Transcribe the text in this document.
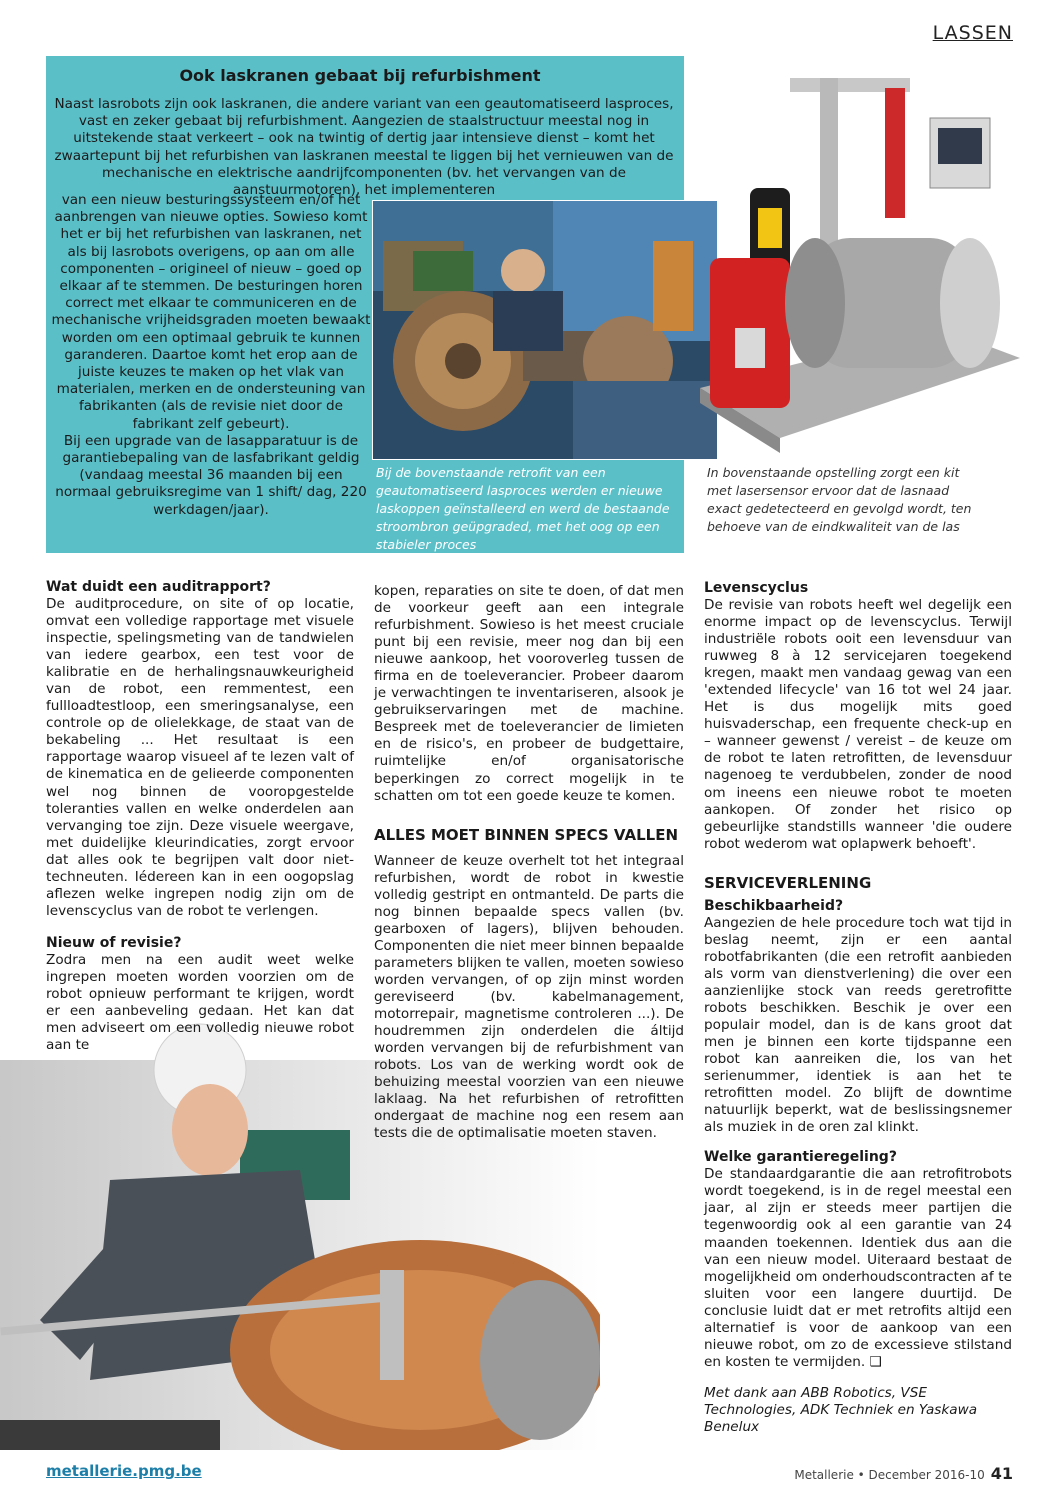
LASSEN
Ook laskranen gebaat bij refurbishment

Naast lasrobots zijn ook laskranen, die andere variant van een geautomatiseerd lasproces, vast en zeker gebaat bij refurbishment. Aangezien de staalstructuur meestal nog in uitstekende staat verkeert – ook na twintig of dertig jaar intensieve dienst – komt het zwaartepunt bij het refurbishen van laskranen meestal te liggen bij het vernieuwen van de mechanische en elektrische aandrijfcomponenten (bv. het vervangen van de aanstuurmotoren), het implementeren

van een nieuw besturingssysteem en/of het aanbrengen van nieuwe opties. Sowieso komt het er bij het refurbishen van laskranen, net als bij lasrobots overigens, op aan om alle componenten – origineel of nieuw – goed op elkaar af te stemmen. De besturingen horen correct met elkaar te communiceren en de mechanische vrijheidsgraden moeten bewaakt worden om een optimaal gebruik te kunnen garanderen. Daartoe komt het erop aan de juiste keuzes te maken op het vlak van materialen, merken en de ondersteuning van fabrikanten (als de revisie niet door de fabrikant zelf gebeurt).

Bij een upgrade van de lasapparatuur is de garantiebepaling van de lasfabrikant geldig (vandaag meestal 36 maanden bij een normaal gebruiksregime van 1 shift/ dag, 220 werkdagen/jaar).

Bij de bovenstaande retrofit van een geautomatiseerd lasproces werden er nieuwe laskoppen geïnstalleerd en werd de bestaande stroombron geüpgraded, met het oog op een stabieler proces

In bovenstaande opstelling zorgt een kit met lasersensor ervoor dat de lasnaad exact gedetecteerd en gevolgd wordt, ten behoeve van de eindkwaliteit van de las

Wat duidt een auditrapport?

De auditprocedure, on site of op locatie, omvat een volledige rapportage met visuele inspectie, spelingsmeting van de tandwielen van iedere gearbox, een test voor de kalibratie en de herhalingsnauwkeurigheid van de robot, een remmentest, een fullloadtestloop, een smeringsanalyse, een controle op de olielekkage, de staat van de bekabeling ... Het resultaat is een rapportage waarop visueel af te lezen valt of de kinematica en de gelieerde componenten wel nog binnen de vooropgestelde toleranties vallen en welke onderdelen aan vervanging toe zijn. Deze visuele weergave, met duidelijke kleurindicaties, zorgt ervoor dat alles ook te begrijpen valt door niet-techneuten. Iédereen kan in een oogopslag aflezen welke ingrepen nodig zijn om de levenscyclus van de robot te verlengen.

Nieuw of revisie?

Zodra men na een audit weet welke ingrepen moeten worden voorzien om de robot opnieuw performant te krijgen, wordt er een aanbeveling gedaan. Het kan dat men adviseert om een volledig nieuwe robot aan te

kopen, reparaties on site te doen, of dat men de voorkeur geeft aan een integrale refurbishment. Sowieso is het meest cruciale punt bij een revisie, meer nog dan bij een nieuwe aankoop, het vooroverleg tussen de firma en de toeleverancier. Probeer daarom je verwachtingen te inventariseren, alsook je gebruikservaringen met de machine. Bespreek met de toeleverancier de limieten en de risico's, en probeer de budgettaire, ruimtelijke en/of organisatorische beperkingen zo correct mogelijk in te schatten om tot een goede keuze te komen.

ALLES MOET BINNEN SPECS VALLEN

Wanneer de keuze overhelt tot het integraal refurbishen, wordt de robot in kwestie volledig gestript en ontmanteld. De parts die nog binnen bepaalde specs vallen (bv. gearboxen of lagers), blijven behouden. Componenten die niet meer binnen bepaalde parameters blijken te vallen, moeten sowieso worden vervangen, of op zijn minst worden gereviseerd (bv. kabelmanagement, motorrepair, magnetisme controleren ...). De houdremmen zijn onderdelen die áltijd worden vervangen bij de refurbishment van robots. Los van de werking wordt ook de behuizing meestal voorzien van een nieuwe laklaag. Na het refurbishen of retrofitten ondergaat de machine nog een resem aan tests die de optimalisatie moeten staven.

Levenscyclus

De revisie van robots heeft wel degelijk een enorme impact op de levenscyclus. Terwijl industriële robots ooit een levensduur van ruwweg 8 à 12 servicejaren toegekend kregen, maakt men vandaag gewag van een 'extended lifecycle' van 16 tot wel 24 jaar. Het is dus mogelijk mits goed huisvaderschap, een frequente check-up en – wanneer gewenst / vereist – de keuze om de robot te laten retrofitten, de levensduur nagenoeg te verdubbelen, zonder de nood om ineens een nieuwe robot te moeten aankopen. Of zonder het risico op gebeurlijke standstills wanneer 'die oudere robot wederom wat oplapwerk behoeft'.

SERVICEVERLENING
Beschikbaarheid?

Aangezien de hele procedure toch wat tijd in beslag neemt, zijn er een aantal robotfabrikanten (die een retrofit aanbieden als vorm van dienstverlening) die over een aanzienlijke stock van reeds geretrofitte robots beschikken. Beschik je over een populair model, dan is de kans groot dat men je binnen een korte tijdspanne een robot kan aanreiken die, los van het serienummer, identiek is aan het te retrofitten model. Zo blijft de downtime natuurlijk beperkt, wat de beslissingsnemer als muziek in de oren zal klinkt.

Welke garantieregeling?

De standaardgarantie die aan retrofitrobots wordt toegekend, is in de regel meestal een jaar, al zijn er steeds meer partijen die tegenwoordig ook al een garantie van 24 maanden toekennen. Identiek dus aan die van een nieuw model. Uiteraard bestaat de mogelijkheid om onderhoudscontracten af te sluiten voor een langere duurtijd. De conclusie luidt dat er met retrofits altijd een alternatief is voor de aankoop van een nieuwe robot, om zo de excessieve stilstand en kosten te vermijden. ❑

Met dank aan ABB Robotics, VSE Technologies, ADK Techniek en Yaskawa Benelux

metallerie.pmg.be	Metallerie • December 2016-10 41
